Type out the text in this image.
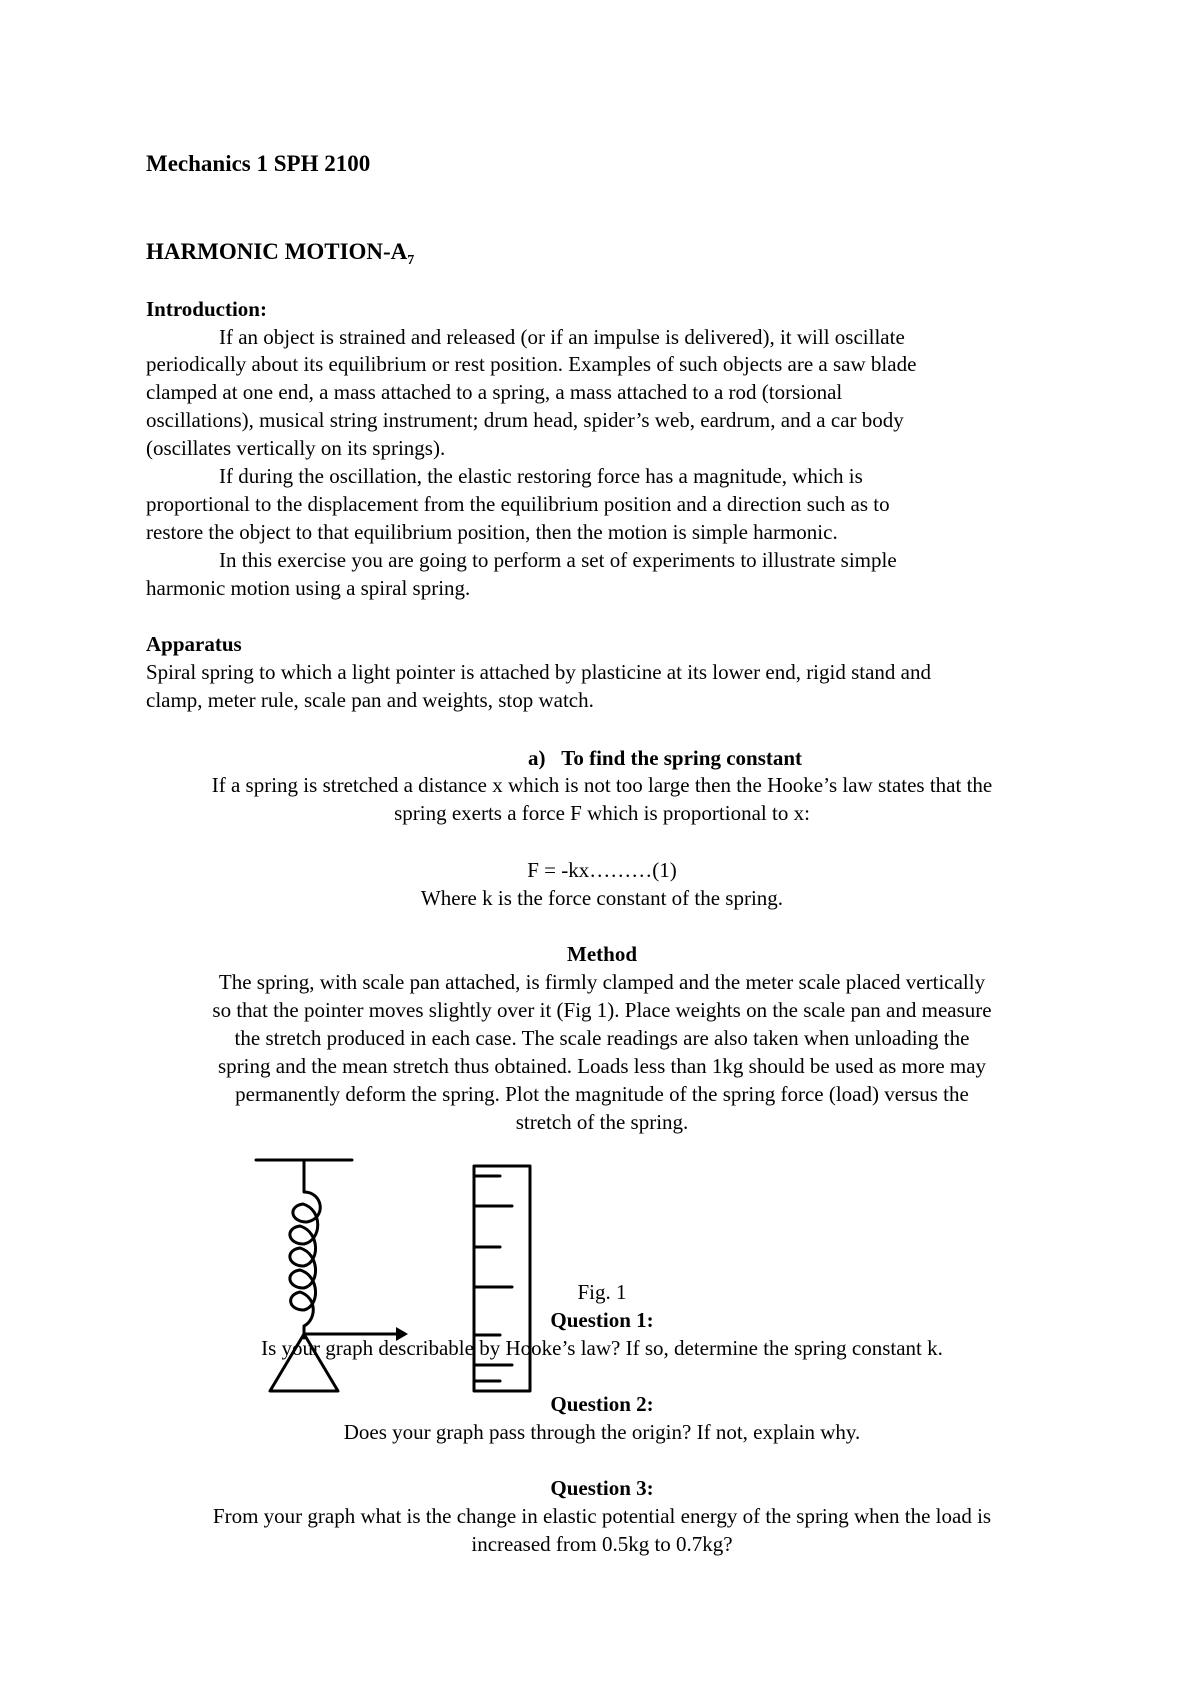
Mechanics 1 SPH 2100
HARMONIC MOTION-$A_7$
Introduction:
If an object is strained and released (or if an impulse is delivered), it will oscillate
periodically about its equilibrium or rest position. Examples of such objects are a saw blade
clamped at one end, a mass attached to a spring, a mass attached to a rod (torsional
oscillations), musical string instrument; drum head, spider’s web, eardrum, and a car body
(oscillates vertically on its springs).
If during the oscillation, the elastic restoring force has a magnitude, which is
proportional to the displacement from the equilibrium position and a direction such as to
restore the object to that equilibrium position, then the motion is simple harmonic.
In this exercise you are going to perform a set of experiments to illustrate simple
harmonic motion using a spiral spring.
Apparatus
Spiral spring to which a light pointer is attached by plasticine at its lower end, rigid stand and
clamp, meter rule, scale pan and weights, stop watch.
a) To find the spring constant
If a spring is stretched a distance x which is not too large then the Hooke’s law states that the
spring exerts a force F which is proportional to x:
F = -kx………(1)
Where k is the force constant of the spring.
Method
The spring, with scale pan attached, is firmly clamped and the meter scale placed vertically
so that the pointer moves slightly over it (Fig 1). Place weights on the scale pan and measure
the stretch produced in each case. The scale readings are also taken when unloading the
spring and the mean stretch thus obtained. Loads less than 1kg should be used as more may
permanently deform the spring. Plot the magnitude of the spring force (load) versus the
stretch of the spring.
Fig. 1
Question 1:
Is your graph describable by Hooke’s law? If so, determine the spring constant k.
Question 2:
Does your graph pass through the origin? If not, explain why.
Question 3:
From your graph what is the change in elastic potential energy of the spring when the load is
increased from 0.5kg to 0.7kg?
